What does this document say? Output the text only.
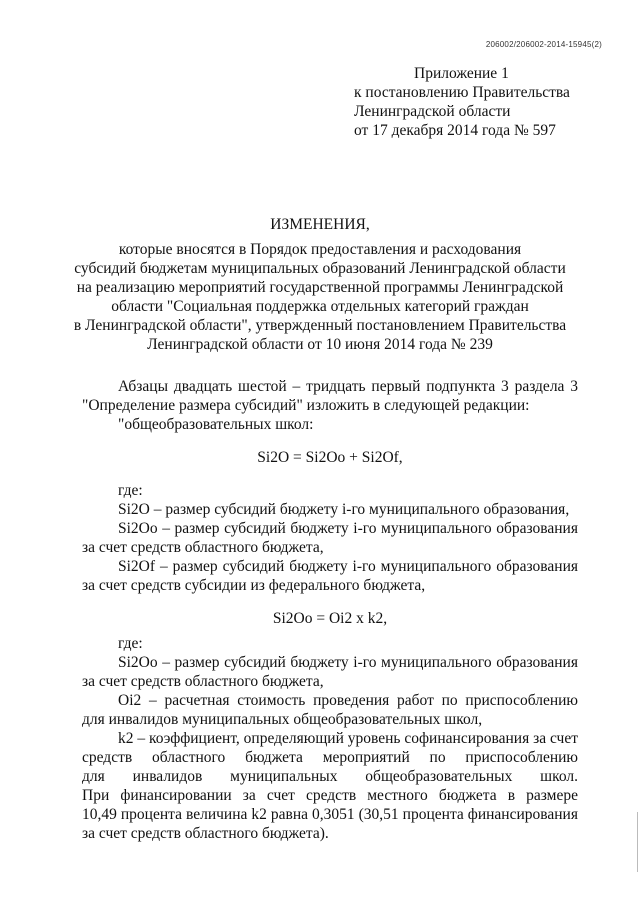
206002/206002-2014-15945(2)
Приложение 1
к постановлению Правительства
Ленинградской области
от 17 декабря 2014 года № 597
ИЗМЕНЕНИЯ,
которые вносятся в Порядок предоставления и расходования
субсидий бюджетам муниципальных образований Ленинградской области
на реализацию мероприятий государственной программы Ленинградской
области "Социальная поддержка отдельных категорий граждан
в Ленинградской области", утвержденный постановлением Правительства
Ленинградской области от 10 июня 2014 года № 239
Абзацы двадцать шестой – тридцать первый подпункта 3 раздела 3
"Определение размера субсидий" изложить в следующей редакции:
"общеобразовательных школ:
Si2O = Si2Oo + Si2Of,
где:
Si2O – размер субсидий бюджету i-го муниципального образования,
Si2Oo – размер субсидий бюджету i-го муниципального образования
за счет средств областного бюджета,
Si2Of – размер субсидий бюджету i-го муниципального образования
за счет средств субсидии из федерального бюджета,
Si2Oo = Oi2 x k2,
где:
Si2Oo – размер субсидий бюджету i-го муниципального образования
за счет средств областного бюджета,
Oi2 – расчетная стоимость проведения работ по приспособлению
для инвалидов муниципальных общеобразовательных школ,
k2 – коэффициент, определяющий уровень софинансирования за счет
средств областного бюджета мероприятий по приспособлению
для инвалидов муниципальных общеобразовательных школ.
При финансировании за счет средств местного бюджета в размере
10,49 процента величина k2 равна 0,3051 (30,51 процента финансирования
за счет средств областного бюджета).
